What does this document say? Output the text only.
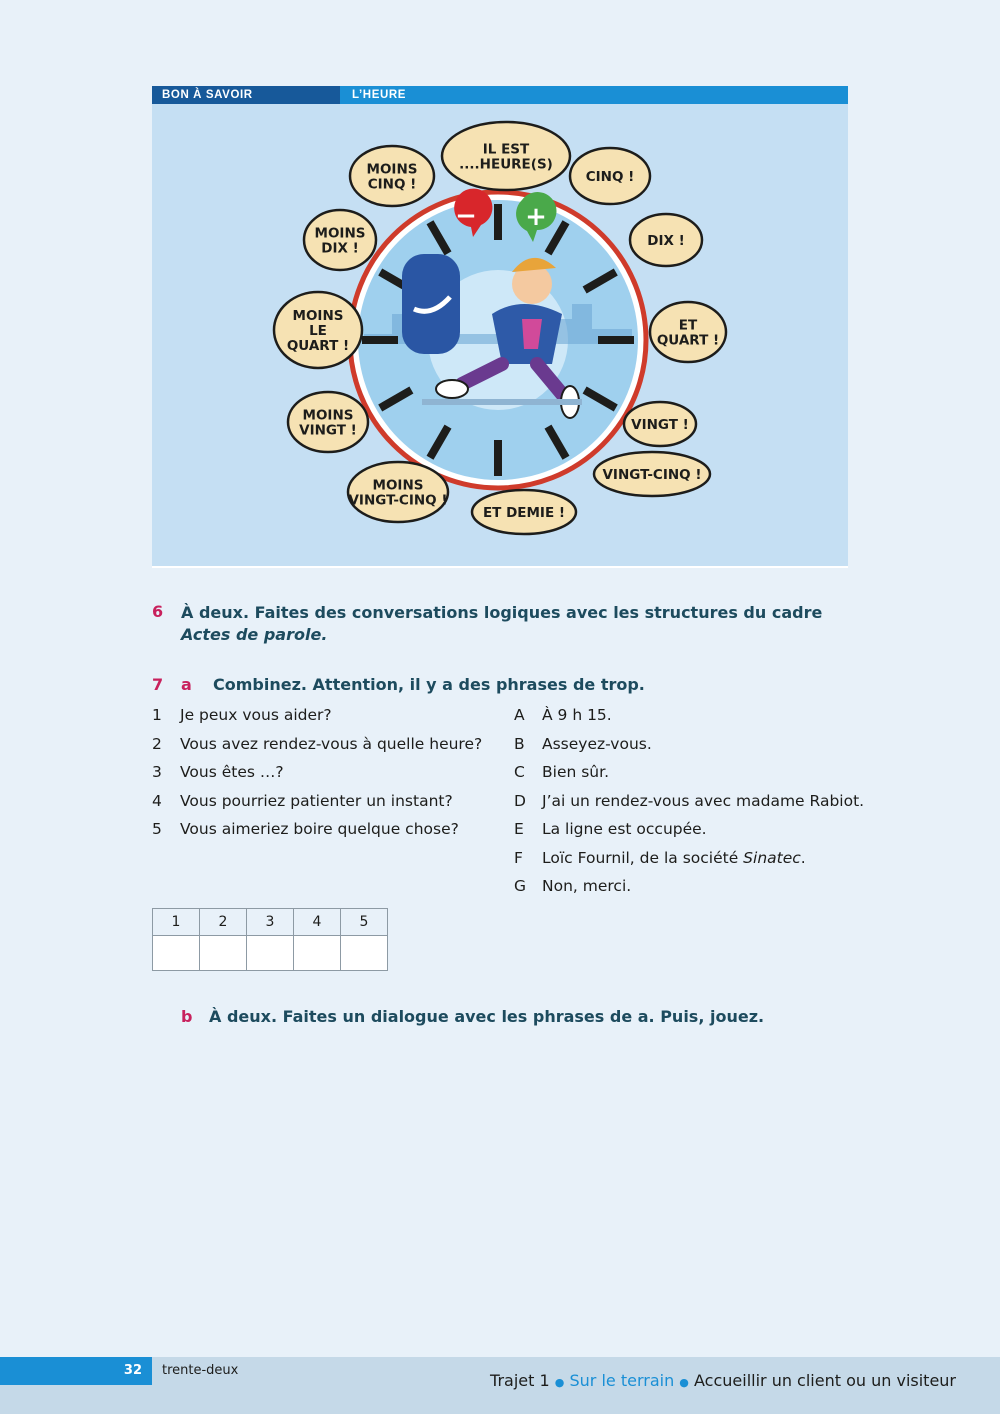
BON À SAVOIR	L’HEURE
− +
IL EST
....HEURE(S)
CINQ !
DIX !
ET
QUART !
VINGT !
VINGT-CINQ !
ET DEMIE !
MOINS
VINGT-CINQ !
MOINS
VINGT !
MOINS
LE
QUART !
MOINS
DIX !
MOINS
CINQ !
6 À deux. Faites des conversations logiques avec les structures du cadre
Actes de parole.
7 a Combinez. Attention, il y a des phrases de trop.
1 Je peux vous aider?
2 Vous avez rendez-vous à quelle heure?
3 Vous êtes …?
4 Vous pourriez patienter un instant?
5 Vous aimeriez boire quelque chose?
A À 9 h 15.
B Asseyez-vous.
C Bien sûr.
D J’ai un rendez-vous avec madame Rabiot.
E La ligne est occupée.
F Loïc Fournil, de la société Sinatec.
G Non, merci.
1	2	3	4	5

b À deux. Faites un dialogue avec les phrases de a. Puis, jouez.
32 trente-deux
Trajet 1 ● Sur le terrain ● Accueillir un client ou un visiteur
